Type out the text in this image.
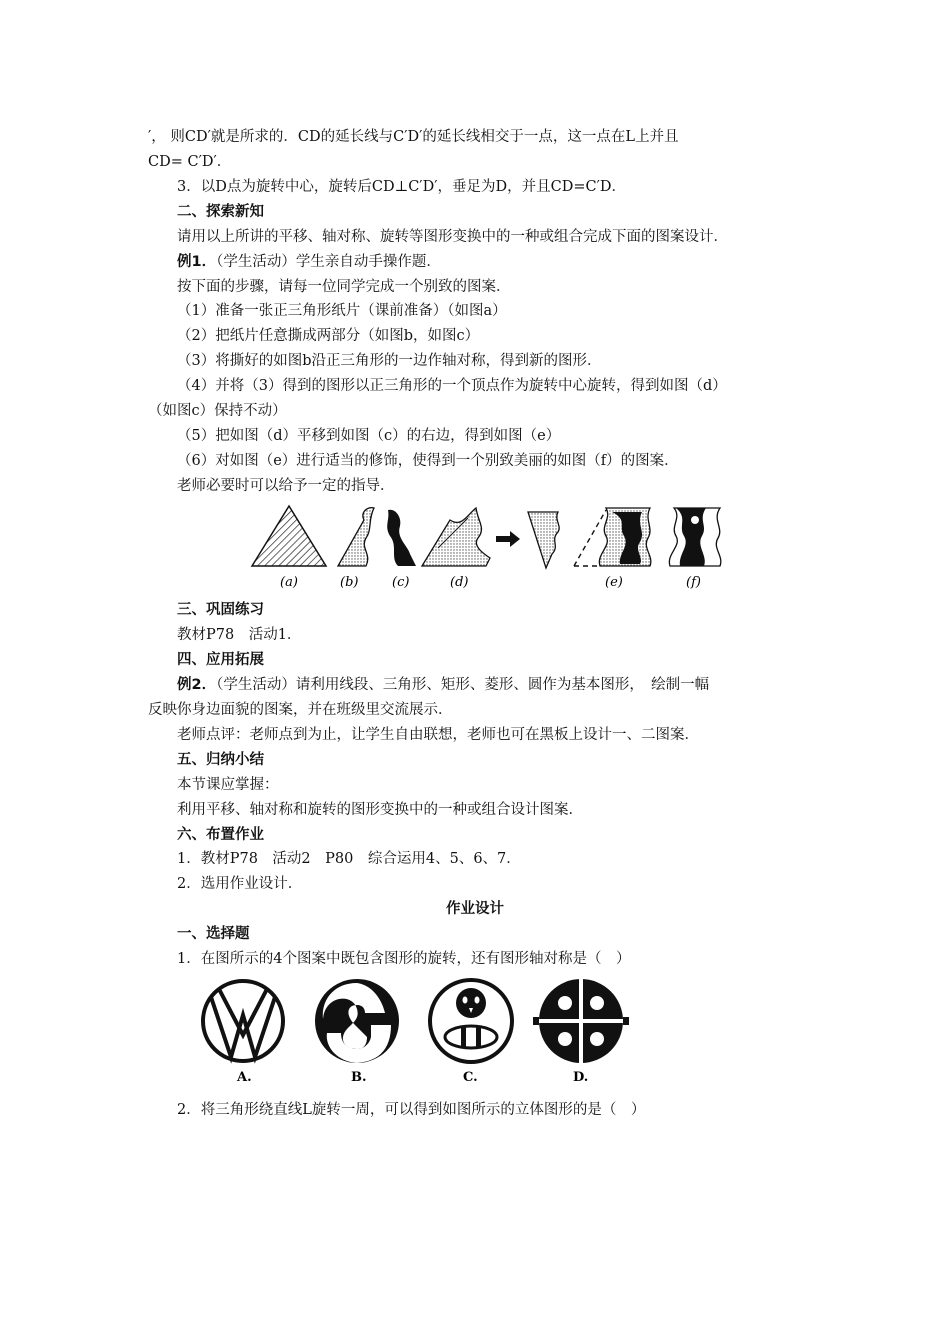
′， 则CD′就是所求的．CD的延长线与C′D′的延长线相交于一点，这一点在L上并且
CD= C′D′．
3．以D点为旋转中心，旋转后CD⊥C′D′，垂足为D，并且CD=C′D．
二、探索新知
请用以上所讲的平移、轴对称、旋转等图形变换中的一种或组合完成下面的图案设计．
例1．（学生活动）学生亲自动手操作题．
按下面的步骤，请每一位同学完成一个别致的图案．
（1）准备一张正三角形纸片（课前准备）（如图a）
（2）把纸片任意撕成两部分（如图b，如图c）
（3）将撕好的如图b沿正三角形的一边作轴对称，得到新的图形．
（4）并将（3）得到的图形以正三角形的一个顶点作为旋转中心旋转，得到如图（d）
（如图c）保持不动）
（5）把如图（d）平移到如图（c）的右边，得到如图（e）
（6）对如图（e）进行适当的修饰，使得到一个别致美丽的如图（f）的图案．
老师必要时可以给予一定的指导．
(a)	(b)	(c)	(d)	(e)	(f)
三、巩固练习
教材P78　活动1．
四、应用拓展
例2．（学生活动）请利用线段、三角形、矩形、菱形、圆作为基本图形，　绘制一幅
反映你身边面貌的图案，并在班级里交流展示．
老师点评：老师点到为止，让学生自由联想，老师也可在黑板上设计一、二图案．
五、归纳小结
本节课应掌握：
利用平移、轴对称和旋转的图形变换中的一种或组合设计图案．
六、布置作业
1．教材P78　活动2　P80　综合运用4、5、6、7．
2．选用作业设计．
作业设计
一、选择题
1．在图所示的4个图案中既包含图形的旋转，还有图形轴对称是（　）
A.	B.	C.	D.
2．将三角形绕直线L旋转一周，可以得到如图所示的立体图形的是（　）
